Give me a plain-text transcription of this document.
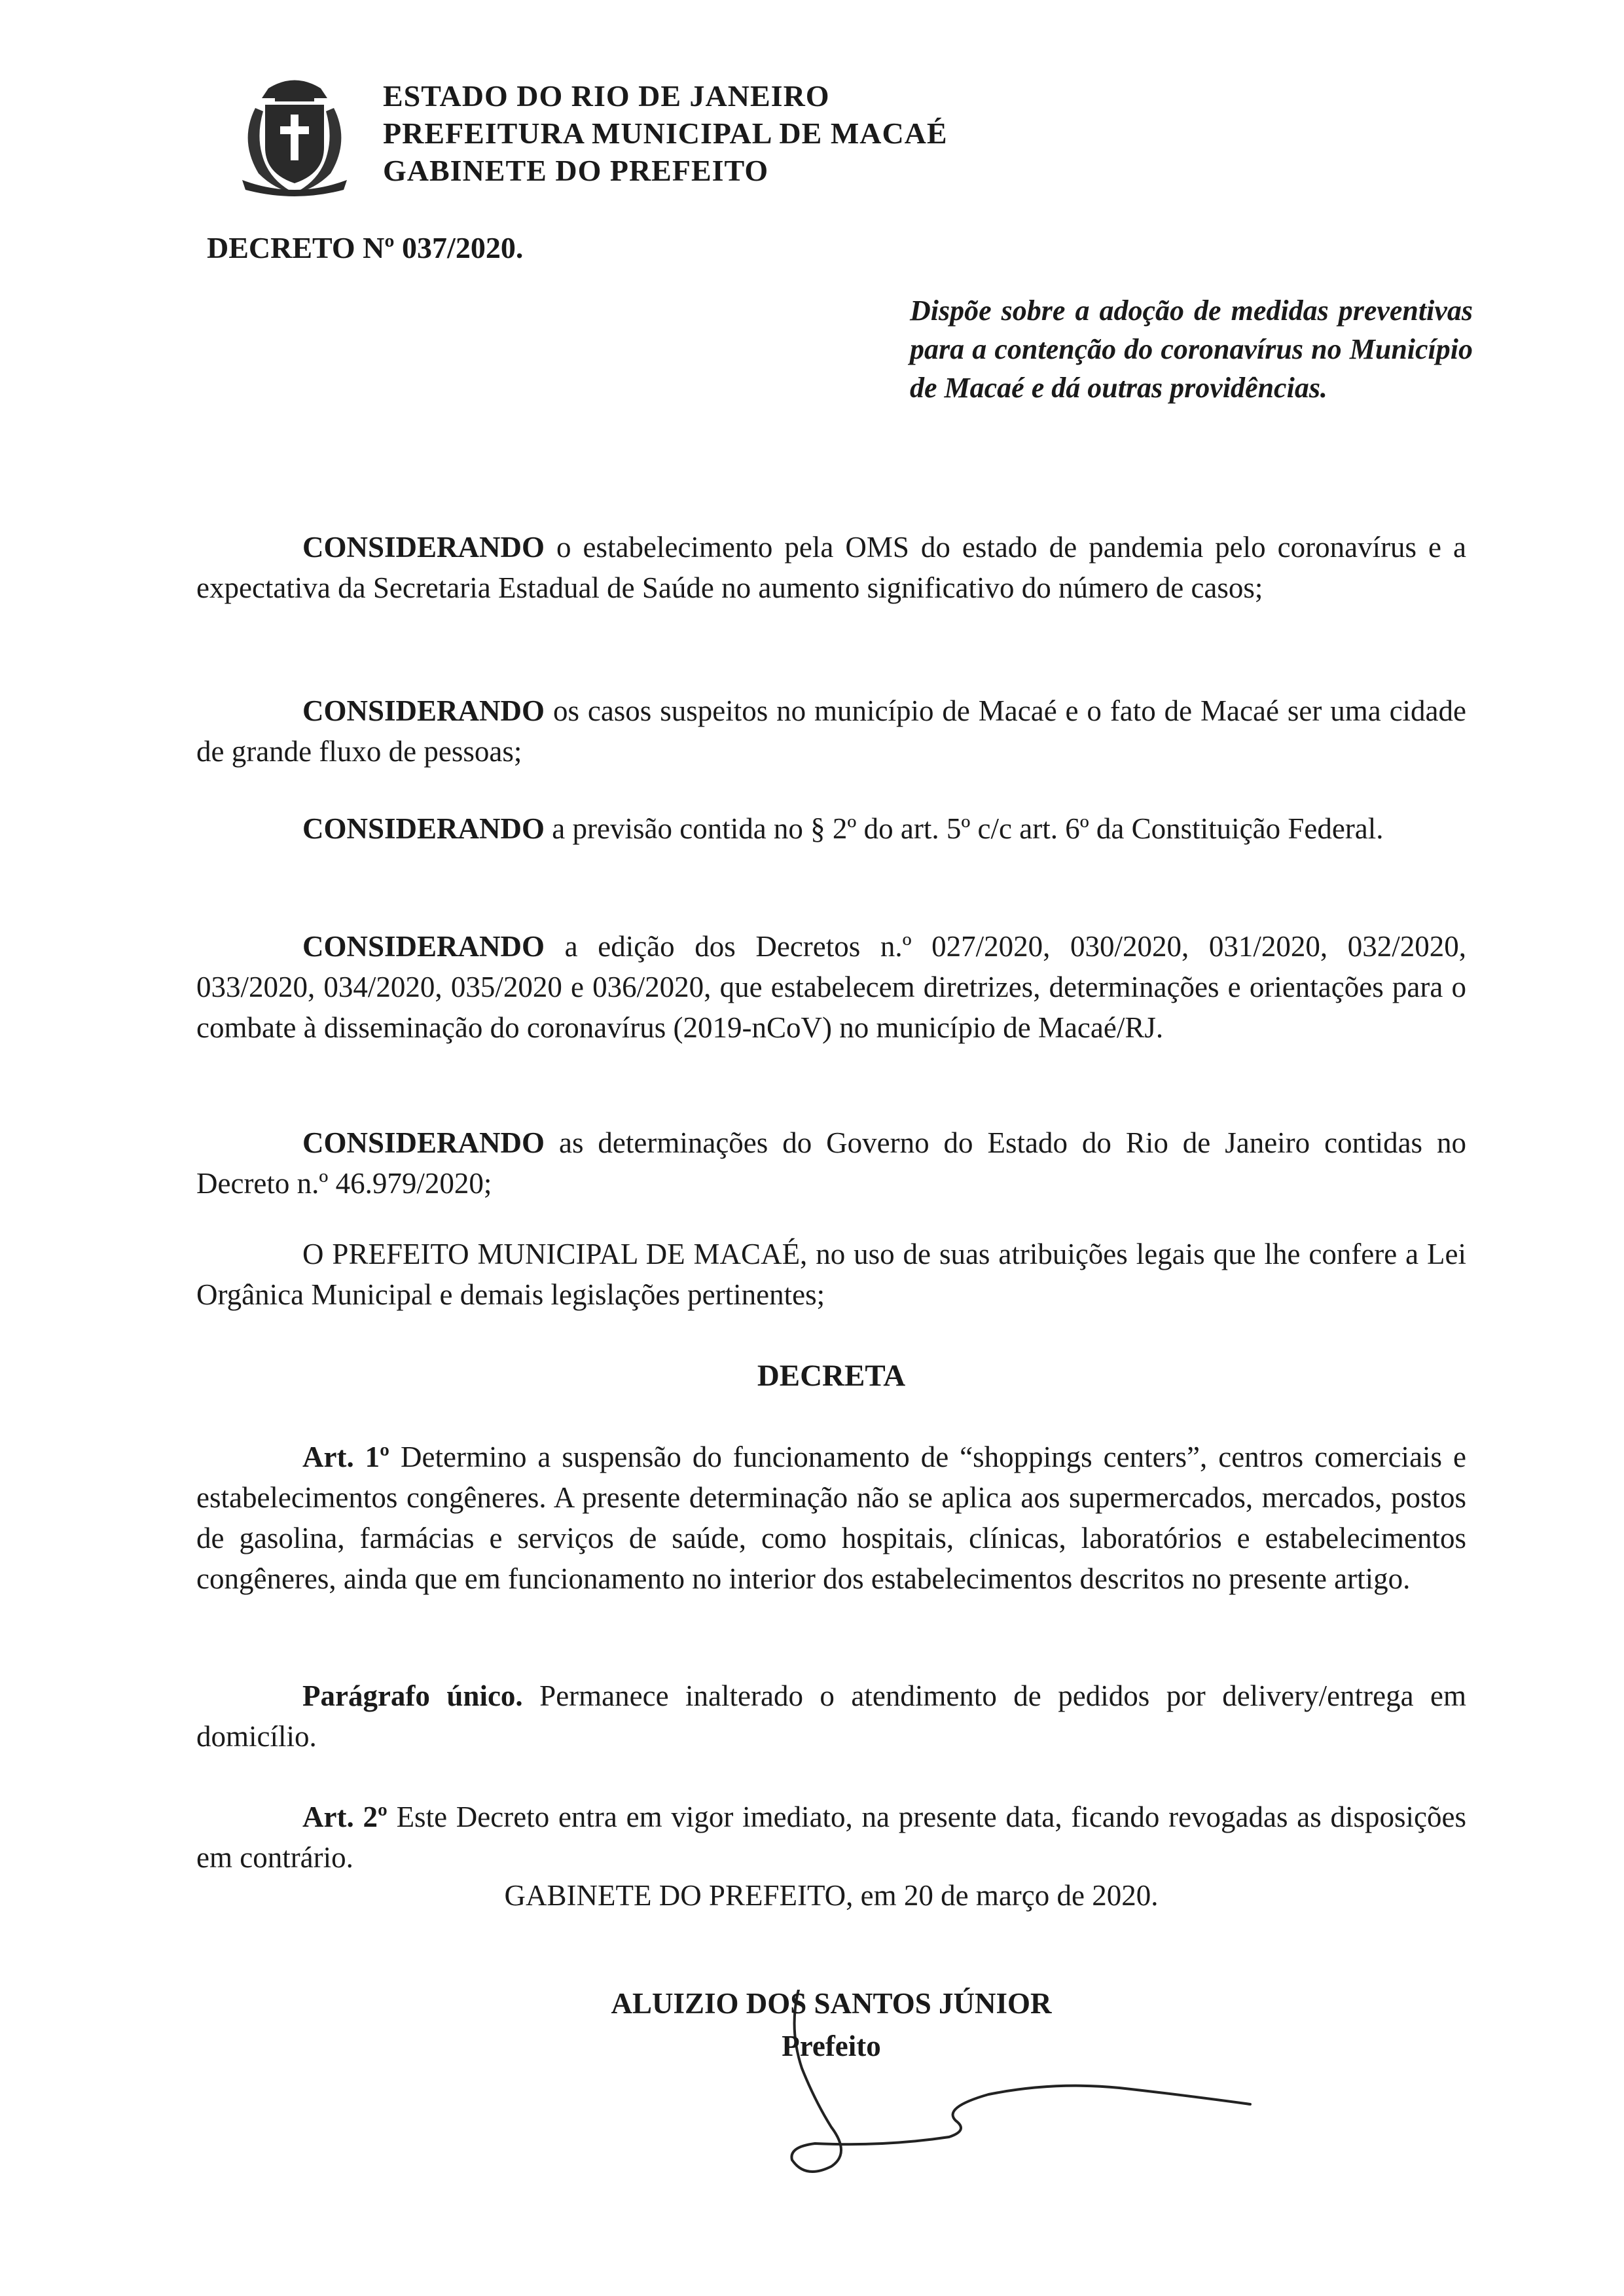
ESTADO DO RIO DE JANEIRO
PREFEITURA MUNICIPAL DE MACAÉ
GABINETE DO PREFEITO
DECRETO Nº 037/2020.
Dispõe sobre a adoção de medidas preventivas para a contenção do coronavírus no Município de Macaé e dá outras providências.

CONSIDERANDO o estabelecimento pela OMS do estado de pandemia pelo coronavírus e a expectativa da Secretaria Estadual de Saúde no aumento significativo do número de casos;

CONSIDERANDO os casos suspeitos no município de Macaé e o fato de Macaé ser uma cidade de grande fluxo de pessoas;

CONSIDERANDO a previsão contida no § 2º do art. 5º c/c art. 6º da Constituição Federal.

CONSIDERANDO a edição dos Decretos n.º 027/2020, 030/2020, 031/2020, 032/2020, 033/2020, 034/2020, 035/2020 e 036/2020, que estabelecem diretrizes, determinações e orientações para o combate à disseminação do coronavírus (2019-nCoV) no município de Macaé/RJ.

CONSIDERANDO as determinações do Governo do Estado do Rio de Janeiro contidas no Decreto n.º 46.979/2020;

O PREFEITO MUNICIPAL DE MACAÉ, no uso de suas atribuições legais que lhe confere a Lei Orgânica Municipal e demais legislações pertinentes;

DECRETA

Art. 1º Determino a suspensão do funcionamento de “shoppings centers”, centros comerciais e estabelecimentos congêneres. A presente determinação não se aplica aos supermercados, mercados, postos de gasolina, farmácias e serviços de saúde, como hospitais, clínicas, laboratórios e estabelecimentos congêneres, ainda que em funcionamento no interior dos estabelecimentos descritos no presente artigo.

Parágrafo único. Permanece inalterado o atendimento de pedidos por delivery/entrega em domicílio.

Art. 2º Este Decreto entra em vigor imediato, na presente data, ficando revogadas as disposições em contrário.

GABINETE DO PREFEITO, em 20 de março de 2020.

ALUIZIO DOS SANTOS JÚNIOR
Prefeito
